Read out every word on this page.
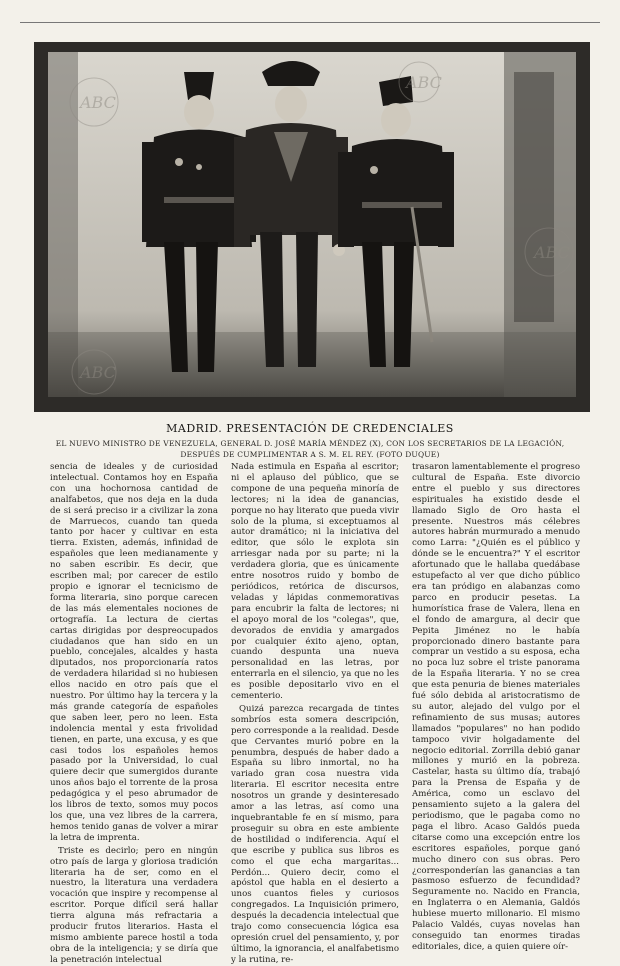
ABC
ABC
ABC
ABC
MADRID. PRESENTACIÓN DE CREDENCIALES
EL NUEVO MINISTRO DE VENEZUELA, GENERAL D. JOSÉ MARÍA MÉNDEZ (X), CON LOS SECRETARIOS DE LA LEGACIÓN, DESPUÉS DE CUMPLIMENTAR A S. M. EL REY. (FOTO DUQUE)

sencia de ideales y de curiosidad intelectual. Contamos hoy en España con una hochornosa cantidad de analfabetos, que nos deja en la duda de si será preciso ir a civilizar la zona de Marruecos, cuando tan queda tanto por hacer y cultivar en esta tierra. Existen, además, infinidad de españoles que leen medianamente y no saben escribir. Es decir, que escriben mal; por carecer de estilo propio e ignorar el tecnicismo de forma literaria, sino porque carecen de las más elementales nociones de ortografía. La lectura de ciertas cartas dirigidas por despreocupados ciudadanos que han sido en un pueblo, concejales, alcaldes y hasta diputados, nos proporcionaría ratos de verdadera hilaridad si no hubiesen ellos nacido en otro país que el nuestro. Por último hay la tercera y la más grande categoría de españoles que saben leer, pero no leen. Esta indolencia mental y esta frivolidad tienen, en parte, una excusa, y es que casi todos los españoles hemos pasado por la Universidad, lo cual quiere decir que sumergidos durante unos años bajo el torrente de la prosa pedagógica y el peso abrumador de los libros de texto, somos muy pocos los que, una vez libres de la carrera, hemos tenido ganas de volver a mirar la letra de imprenta.

Triste es decirlo; pero en ningún otro país de larga y gloriosa tradición literaria ha de ser, como en el nuestro, la literatura una verdadera vocación que inspire y recompense al escritor. Porque difícil será hallar tierra alguna más refractaria a producir frutos literarios. Hasta el mismo ambiente parece hostil a toda obra de la inteligencia; y se diría que la penetración intelectual

Nada estimula en España al escritor; ni el aplauso del público, que se compone de una pequeña minoría de lectores; ni la idea de ganancias, porque no hay literato que pueda vivir solo de la pluma, si exceptuamos al autor dramático; ni la iniciativa del editor, que sólo le explota sin arriesgar nada por su parte; ni la verdadera gloria, que es únicamente entre nosotros ruido y bombo de periódicos, retórica de discursos, veladas y lápidas conmemorativas para encubrir la falta de lectores; ni el apoyo moral de los "colegas", que, devorados de envidia y amargados por cualquier éxito ajeno, optan, cuando despunta una nueva personalidad en las letras, por enterrarla en el silencio, ya que no les es posible depositarlo vivo en el cementerio.

Quizá parezca recargada de tintes sombríos esta somera descripción, pero corresponde a la realidad. Desde que Cervantes murió pobre en la penumbra, después de haber dado a España su libro inmortal, no ha variado gran cosa nuestra vida literaria. El escritor necesita entre nosotros un grande y desinteresado amor a las letras, así como una inquebrantable fe en sí mismo, para proseguir su obra en este ambiente de hostilidad o indiferencia. Aquí el que escribe y publica sus libros es como el que echa margaritas... Perdón... Quiero decir, como el apóstol que habla en el desierto a unos cuantos fieles y curiosos congregados. La Inquisición primero, después la decadencia intelectual que trajo como consecuencia lógica esa opresión cruel del pensamiento, y, por último, la ignorancia, el analfabetismo y la rutina, re-

trasaron lamentablemente el progreso cultural de España. Este divorcio entre el pueblo y sus directores espirituales ha existido desde el llamado Siglo de Oro hasta el presente. Nuestros más célebres autores habrán murmurado a menudo como Larra: "¿Quién es el público y dónde se le encuentra?" Y el escritor afortunado que le hallaba quedábase estupefacto al ver que dicho público era tan pródigo en alabanzas como parco en producir pesetas. La humorística frase de Valera, llena en el fondo de amargura, al decir que Pepita Jiménez no le había proporcionado dinero bastante para comprar un vestido a su esposa, echa no poca luz sobre el triste panorama de la España literaria. Y no se crea que esta penuria de bienes materiales fué sólo debida al aristocratismo de su autor, alejado del vulgo por el refinamiento de sus musas; autores llamados "populares" no han podido tampoco vivir holgadamente del negocio editorial. Zorrilla debió ganar millones y murió en la pobreza. Castelar, hasta su último día, trabajó para la Prensa de España y de América, como un esclavo del pensamiento sujeto a la galera del periodismo, que le pagaba como no paga el libro. Acaso Galdós pueda citarse como una excepción entre los escritores españoles, porque ganó mucho dinero con sus obras. Pero ¿corresponderían las ganancias a tan pasmoso esfuerzo de fecundidad? Seguramente no. Nacido en Francia, en Inglaterra o en Alemania, Galdós hubiese muerto millonario. El mismo Palacio Valdés, cuyas novelas han conseguido tan enormes tiradas editoriales, dice, a quien quiere oír-
